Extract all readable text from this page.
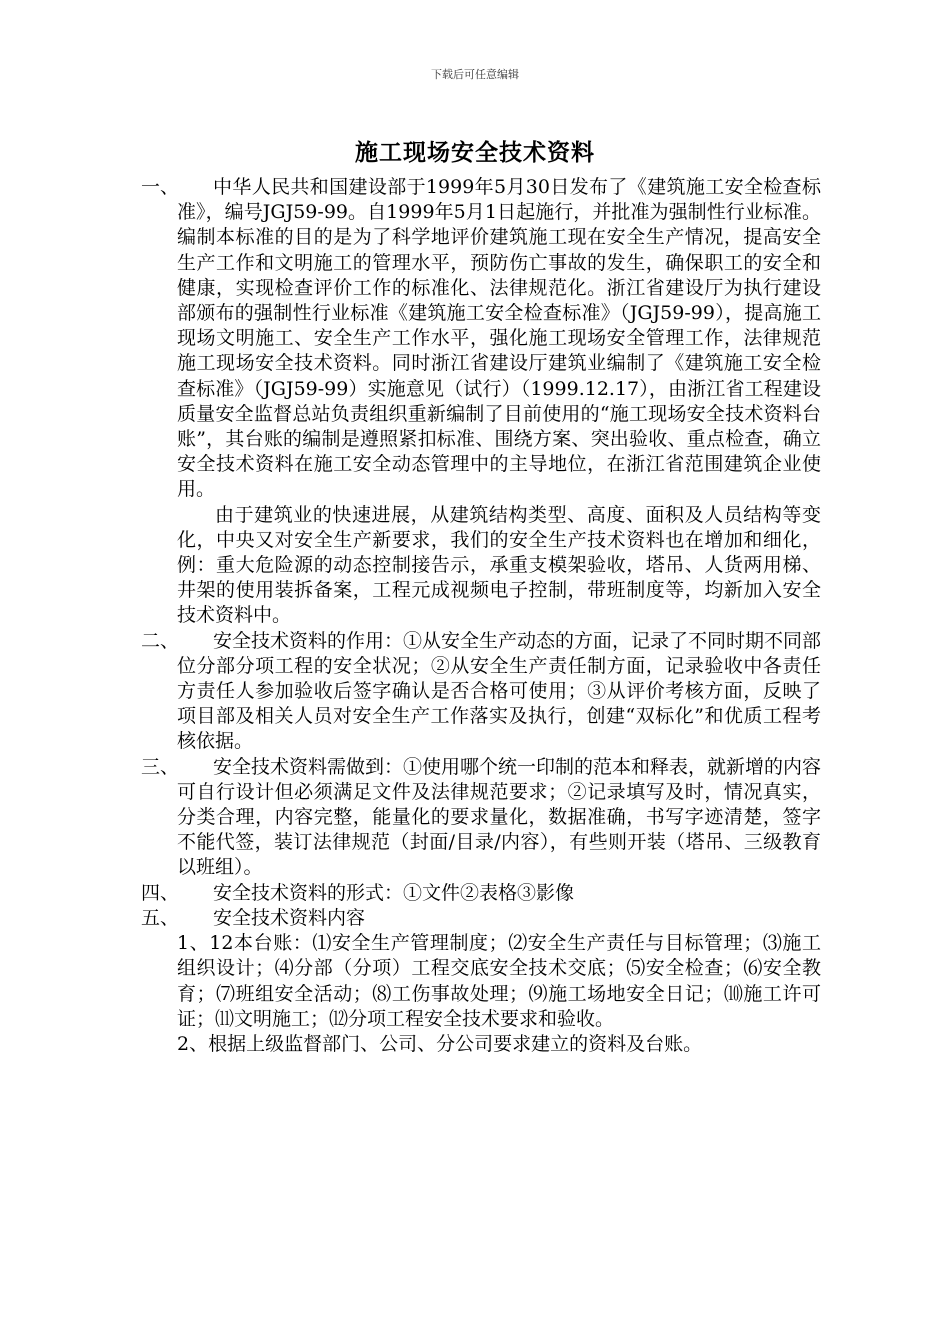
下载后可任意编辑
施工现场安全技术资料
一、	中华人民共和国建设部于1999年5月30日发布了《建筑施工安全检查标准》，编号JGJ59-99。自1999年5月1日起施行，并批准为强制性行业标准。编制本标准的目的是为了科学地评价建筑施工现在安全生产情况，提高安全生产工作和文明施工的管理水平，预防伤亡事故的发生，确保职工的安全和健康，实现检查评价工作的标准化、法律规范化。浙江省建设厅为执行建设部颁布的强制性行业标准《建筑施工安全检查标准》（JGJ59-99），提高施工现场文明施工、安全生产工作水平，强化施工现场安全管理工作，法律规范施工现场安全技术资料。同时浙江省建设厅建筑业编制了《建筑施工安全检查标准》（JGJ59-99）实施意见（试行）（1999.12.17），由浙江省工程建设质量安全监督总站负责组织重新编制了目前使用的“施工现场安全技术资料台账”，其台账的编制是遵照紧扣标准、围绕方案、突出验收、重点检查，确立安全技术资料在施工安全动态管理中的主导地位，在浙江省范围建筑企业使用。
由于建筑业的快速进展，从建筑结构类型、高度、面积及人员结构等变化，中央又对安全生产新要求，我们的安全生产技术资料也在增加和细化，例：重大危险源的动态控制接告示，承重支模架验收，塔吊、人货两用梯、井架的使用装拆备案，工程元成视频电子控制，带班制度等，均新加入安全技术资料中。
二、	安全技术资料的作用：①从安全生产动态的方面，记录了不同时期不同部位分部分项工程的安全状况；②从安全生产责任制方面，记录验收中各责任方责任人参加验收后签字确认是否合格可使用；③从评价考核方面，反映了项目部及相关人员对安全生产工作落实及执行，创建“双标化”和优质工程考核依据。
三、	安全技术资料需做到：①使用哪个统一印制的范本和释表，就新增的内容可自行设计但必须满足文件及法律规范要求；②记录填写及时，情况真实，分类合理，内容完整，能量化的要求量化，数据准确，书写字迹清楚，签字不能代签，装订法律规范（封面/目录/内容），有些则开装（塔吊、三级教育以班组）。
四、	安全技术资料的形式：①文件②表格③影像
五、	安全技术资料内容
1、12本台账：⑴安全生产管理制度；⑵安全生产责任与目标管理；⑶施工组织设计；⑷分部（分项）工程交底安全技术交底；⑸安全检查；⑹安全教育；⑺班组安全活动；⑻工伤事故处理；⑼施工场地安全日记；⑽施工许可证；⑾文明施工；⑿分项工程安全技术要求和验收。
2、根据上级监督部门、公司、分公司要求建立的资料及台账。
